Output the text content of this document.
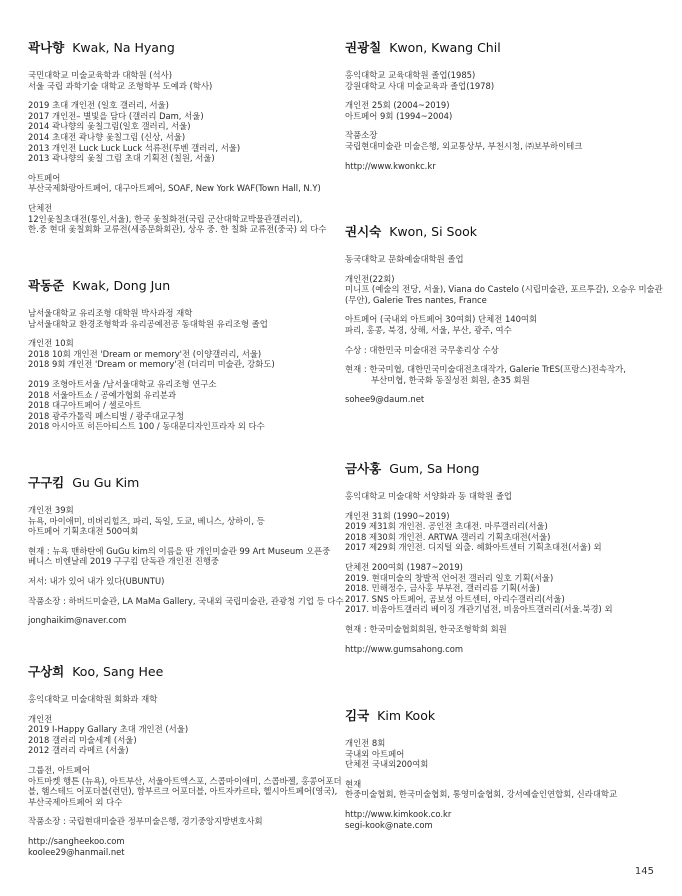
곽나향 Kwak, Na Hyang
국민대학교 미술교육학과 대학원 (석사)
서울 국립 과학기술 대학교 조형학부 도예과 (학사)
2019 초대 개인전 (일호 갤러리, 서울)
2017 개인전– 별빛을 담다 (갤러리 Dam, 서울)
2014 곽나향의 옻칠그림(일호 갤러리, 서울)
2014 초대전 곽나향 옻칠그림 (신상, 서울)
2013 개인전 Luck Luck Luck 석류전(루벤 갤러리, 서울)
2013 곽나향의 옻칠 그림 초대 기획전 (칠원, 서울)
아트페어
부산국제화랑아트페어, 대구아트페어, SOAF, New York WAF(Town Hall, N.Y)
단체전
12인옻칠초대전(통인,서울), 한국 옻칠화전(국립 군산대학교박물관갤러리),
한.중 현대 옻칠회화 교류전(세종문화회관), 상우 중. 한 칠화 교류전(중국) 외 다수
곽동준 Kwak, Dong Jun
남서울대학교 유리조형 대학원 박사과정 재학
남서울대학교 환경조형학과 유리공예전공 동대학원 유리조형 졸업
개인전 10회
2018 10회 개인전 'Dream or memory'전 (이양갤러리, 서울)
2018 9회 개인전 'Dream or memory'전 (더리미 미술관, 강화도)
2019 조형아트서울 /남서울대학교 유리조형 연구소
2018 서울아트쇼 / 공예가협회 유리분과
2018 대구아트페어 / 셀로아트
2018 광주가톨릭 페스티벌 / 광주대교구청
2018 아시아프 히든아티스트 100 / 동대문디자인프라자 외 다수
구구킴 Gu Gu Kim
개인전 39회
뉴욕, 마이애미, 비버리힐즈, 파리, 독일, 도쿄, 베니스, 상하이, 등
아트페어 기획초대전 500여회
현재 : 뉴욕 맨하탄에 GuGu kim의 이름을 딴 개인미술관 99 Art Museum 오픈중
베니스 비엔날레 2019 구구킴 단독관 개인전 진행중
저서: 내가 있어 내가 있다(UBUNTU)
작품소장 : 하버드미술관, LA MaMa Gallery, 국내외 국립미술관, 관광청 기업 등 다수
jonghaikim@naver.com
구상희 Koo, Sang Hee
홍익대학교 미술대학원 회화과 재학
개인전
2019 I-Happy Gallary 초대 개인전 (서울)
2018 갤러리 미술세계 (서울)
2012 갤러리 라메르 (서울)
그룹전, 아트페어
아트마켓 행튼 (뉴욕), 아트부산, 서울아트엑스포, 스콥마이애미, 스콥바젤, 홍콩어포더
블, 햄스테드 어포더블(런던), 함부르크 어포더블, 아트자카르타, 헬시아트페어(영국),
부산국제아트페어 외 다수
작품소장 : 국립현대미술관 정부미술은행, 경기중앙지방변호사회
http://sangheekoo.com
koolee29@hanmail.net
권광칠 Kwon, Kwang Chil
홍익대학교 교육대학원 졸업(1985)
강원대학교 사대 미술교육과 졸업(1978)
개인전 25회 (2004~2019)
아트페어 9회 (1994~2004)
작품소장
국립현대미술관 미술은행, 외교통상부, 부천시청, ㈜보부하이테크
http://www.kwonkc.kr
권시숙 Kwon, Si Sook
동국대학교 문화예술대학원 졸업
개인전(22회)
미니프 (예술의 전당, 서울), Viana do Castelo (시립미술관, 포르투갈), 오승우 미술관
(무안), Galerie Tres nantes, France
아트페어 (국내외 아트페어 30여회) 단체전 140여회
파리, 홍콩, 북경, 상해, 서울, 부산, 광주, 여수
수상 : 대한민국 미술대전 국무총리상 수상
현재 : 한국미협, 대한민국미술대전초대작가, Galerie TrES(프랑스)전속작가,
부산미협, 한국화 동질성전 회원, 춘35 회원
sohee9@daum.net
금사홍 Gum, Sa Hong
홍익대학교 미술대학 서양화과 동 대학원 졸업
개인전 31회 (1990~2019)
2019 제31회 개인전. 공인전 초대전. 마루갤러리(서울)
2018 제30회 개인전. ARTWA 갤러리 기획초대전(서울)
2017 제29회 개인전. 디지털 외출. 혜화아트센터 기획초대전(서울) 외
단체전 200여회 (1987~2019)
2019. 현대미술의 창발적 언어전 갤러리 일호 기획(서울)
2018. 민해정수, 금사홍 부부전, 갤러리름 기획(서울)
2017. SNS 아트페어, 곰보성 아트센터, 아리수갤러리(서울)
2017. 비움아트갤러리 베이징 개관기념전, 비움아트갤러리(서울.북경) 외
현재 : 한국미술협회회원, 한국조형학회 회원
http://www.gumsahong.com
김국 Kim Kook
개인전 8회
국내외 아트페어
단체전 국내외200여회
현재
한중미술협회, 한국미술협회, 통영미술협회, 강서예술인연합회, 신라대학교
http://www.kimkook.co.kr
segi-kook@nate.com
145
